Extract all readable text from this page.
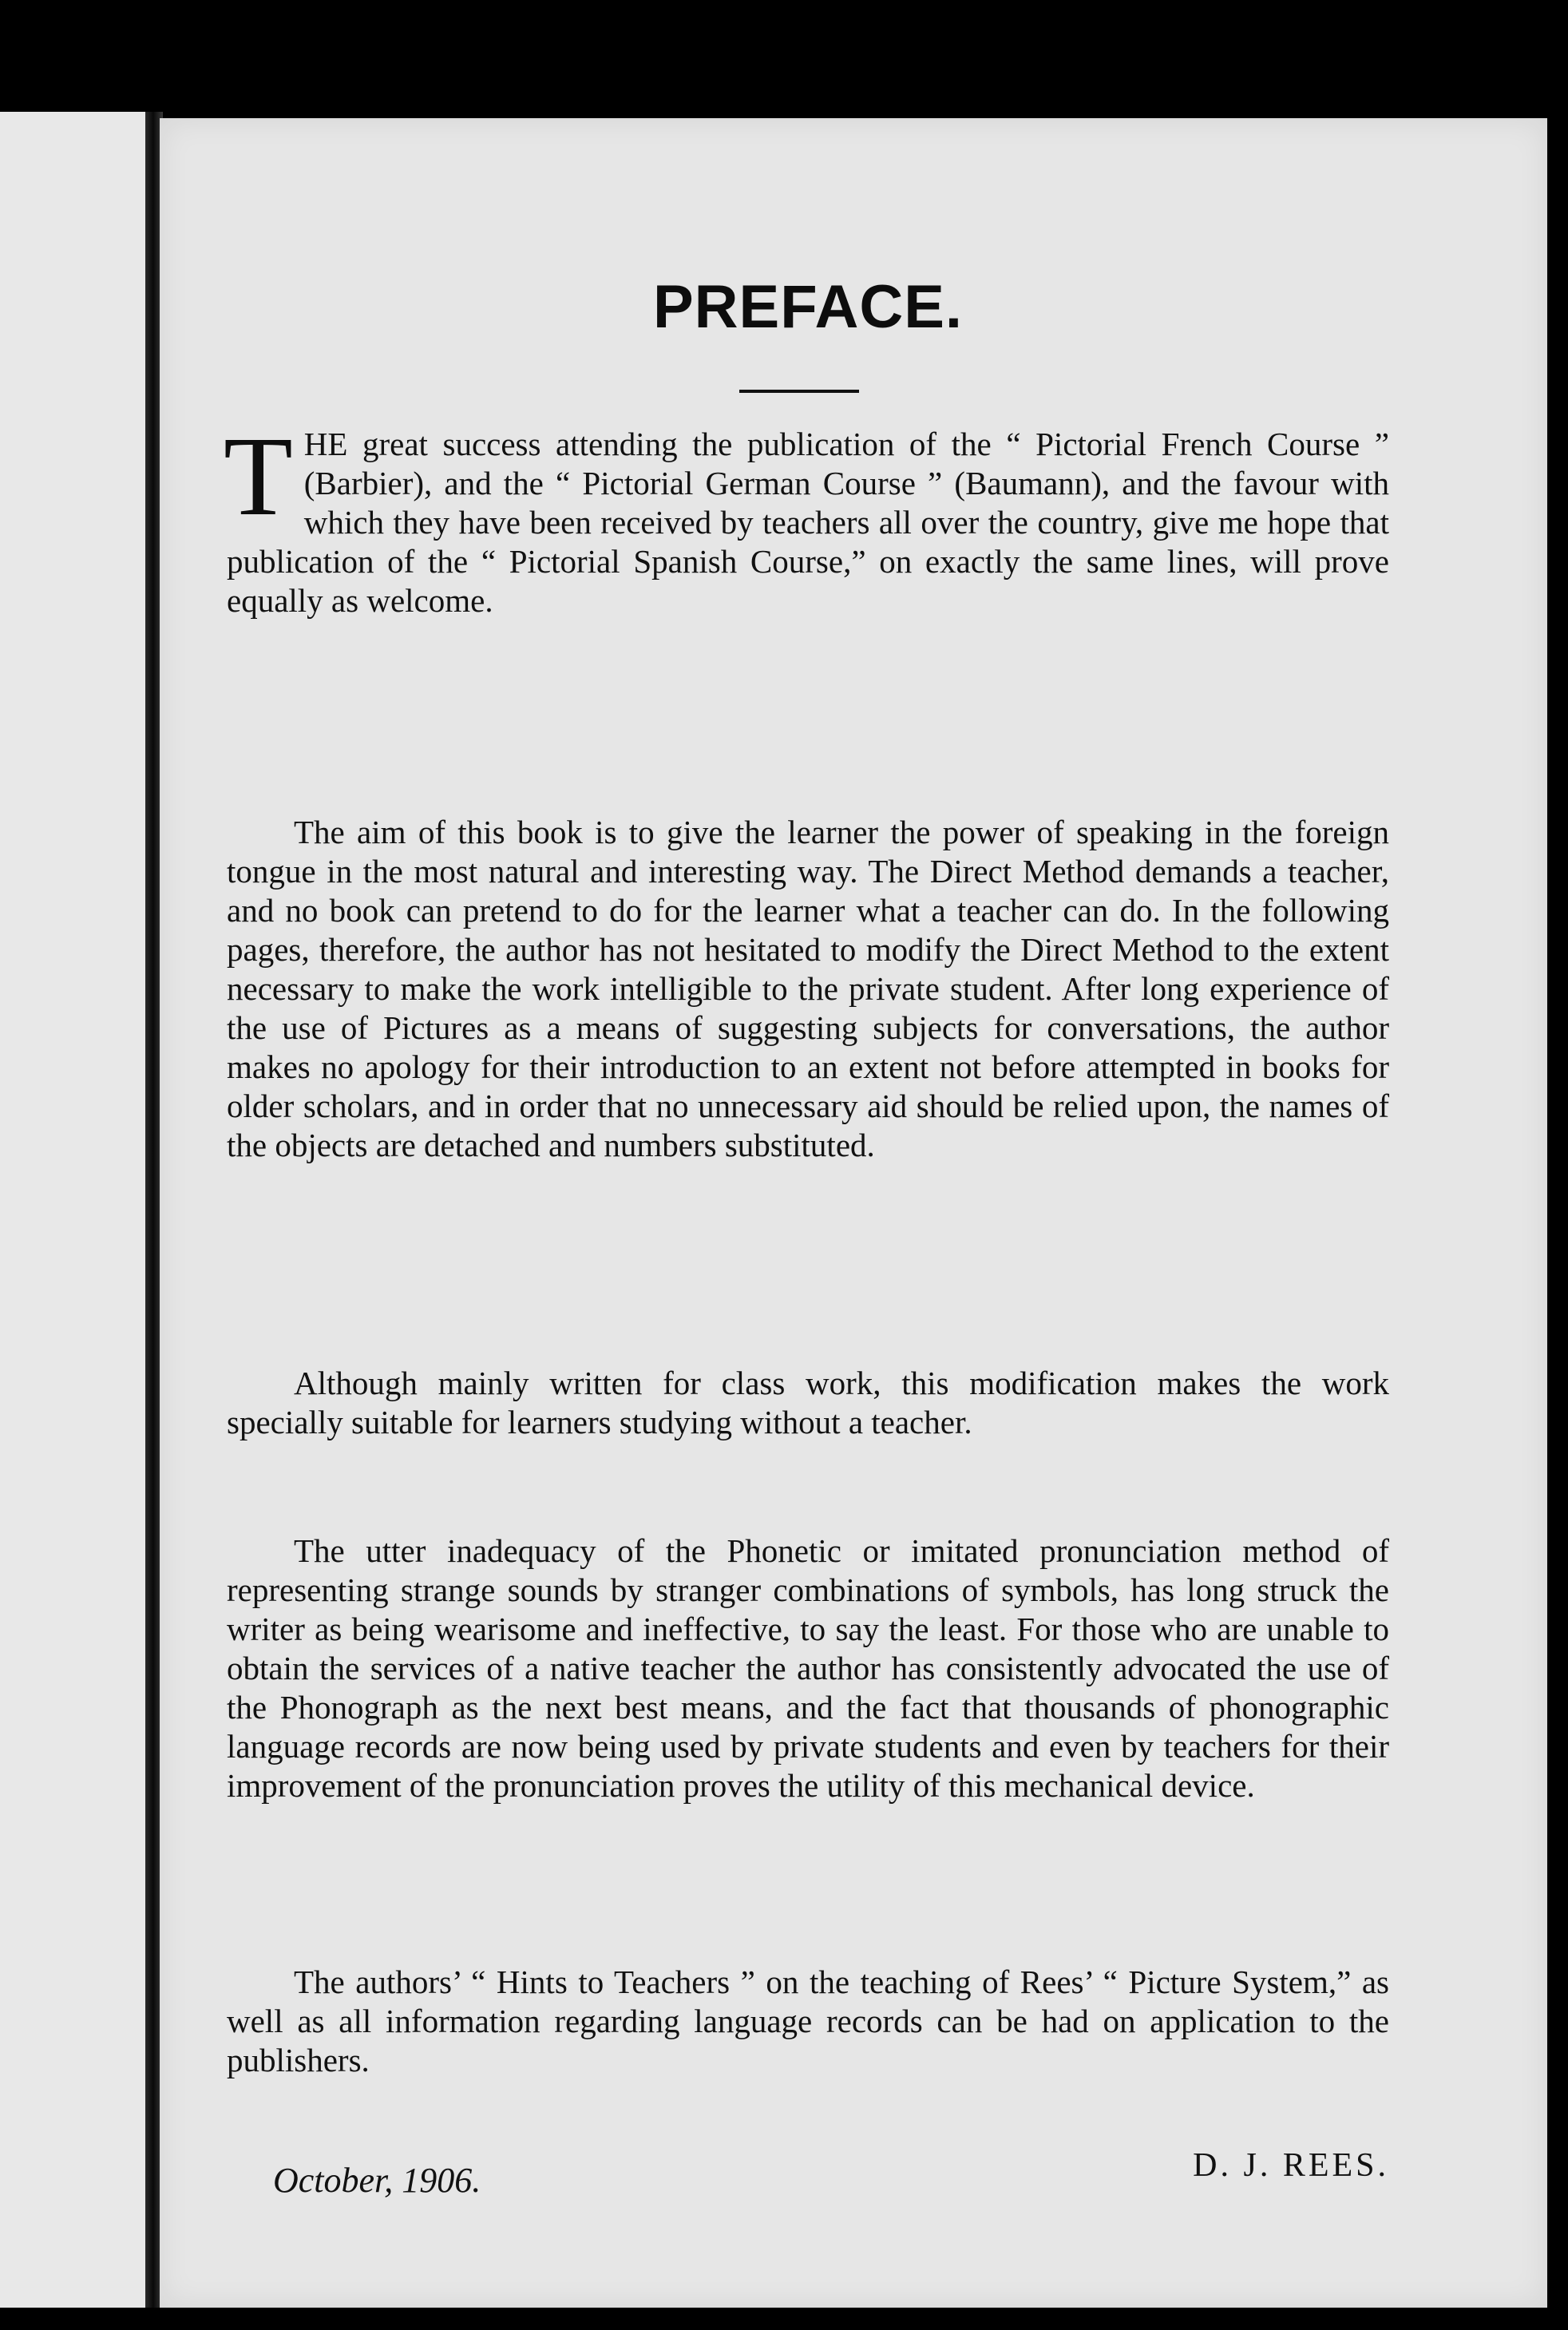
PREFACE.

THE great success attending the publication of the “ Pictorial French Course ” (Barbier), and the “ Pictorial German Course ” (Baumann), and the favour with which they have been received by teachers all over the country, give me hope that publication of the “ Pictorial Spanish Course,” on exactly the same lines, will prove equally as welcome.

The aim of this book is to give the learner the power of speaking in the foreign tongue in the most natural and interesting way. The Direct Method demands a teacher, and no book can pretend to do for the learner what a teacher can do. In the following pages, therefore, the author has not hesitated to modify the Direct Method to the extent necessary to make the work intelligible to the private student. After long experience of the use of Pictures as a means of suggesting subjects for conversations, the author makes no apology for their introduction to an extent not before attempted in books for older scholars, and in order that no unnecessary aid should be relied upon, the names of the objects are detached and numbers substituted.

Although mainly written for class work, this modification makes the work specially suitable for learners studying without a teacher.

The utter inadequacy of the Phonetic or imitated pronunciation method of representing strange sounds by stranger combinations of symbols, has long struck the writer as being wearisome and ineffective, to say the least. For those who are unable to obtain the services of a native teacher the author has consistently advocated the use of the Phonograph as the next best means, and the fact that thousands of phonographic language records are now being used by private students and even by teachers for their improvement of the pronunciation proves the utility of this mechanical device.

The authors’ “ Hints to Teachers ” on the teaching of Rees’ “ Picture System,” as well as all information regarding language records can be had on application to the publishers.

October, 1906.	D. J. REES.
